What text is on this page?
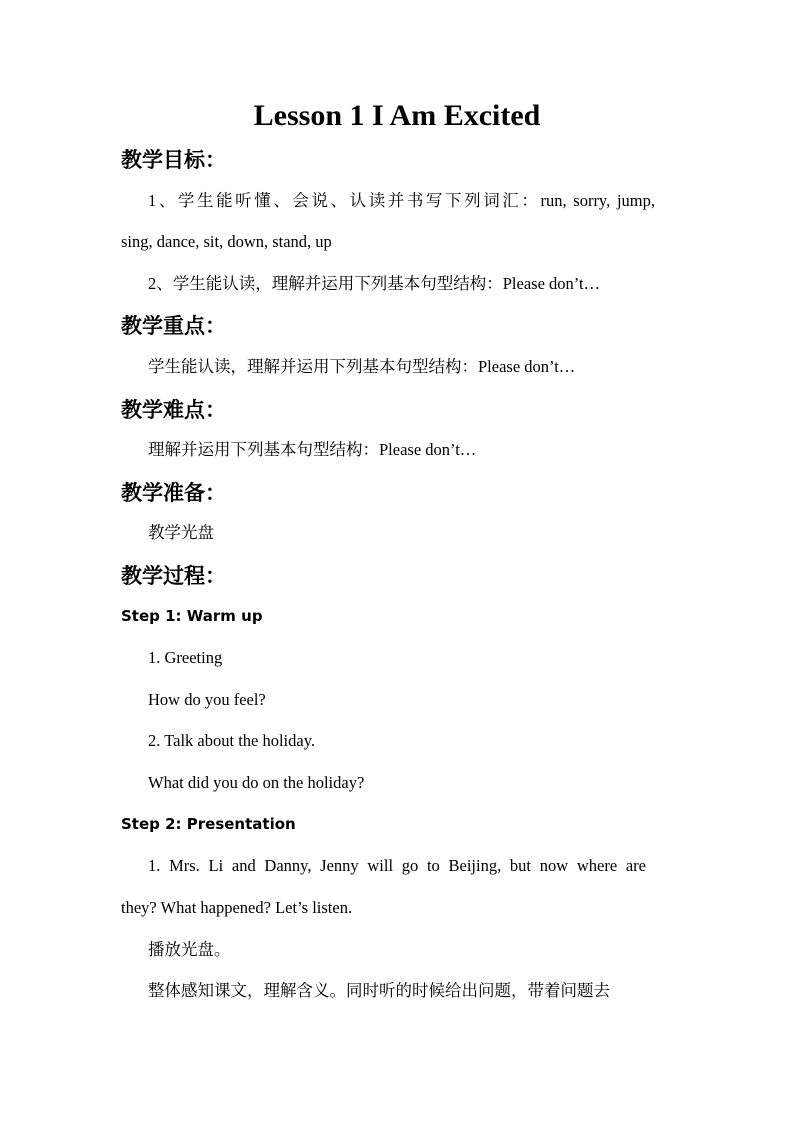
Lesson 1 I Am Excited
教学目标：

1、学生能听懂、会说、认读并书写下列词汇：run, sorry, jump,

sing, dance, sit, down, stand, up

2、学生能认读，理解并运用下列基本句型结构：Please don’t…

教学重点：

学生能认读，理解并运用下列基本句型结构：Please don’t…

教学难点：

理解并运用下列基本句型结构：Please don’t…

教学准备：

教学光盘

教学过程：

Step 1: Warm up

1. Greeting

How do you feel?

2. Talk about the holiday.

What did you do on the holiday?

Step 2: Presentation

1. Mrs. Li and Danny, Jenny will go to Beijing, but now where are

they? What happened? Let’s listen.

播放光盘。

整体感知课文，理解含义。同时听的时候给出问题，带着问题去
